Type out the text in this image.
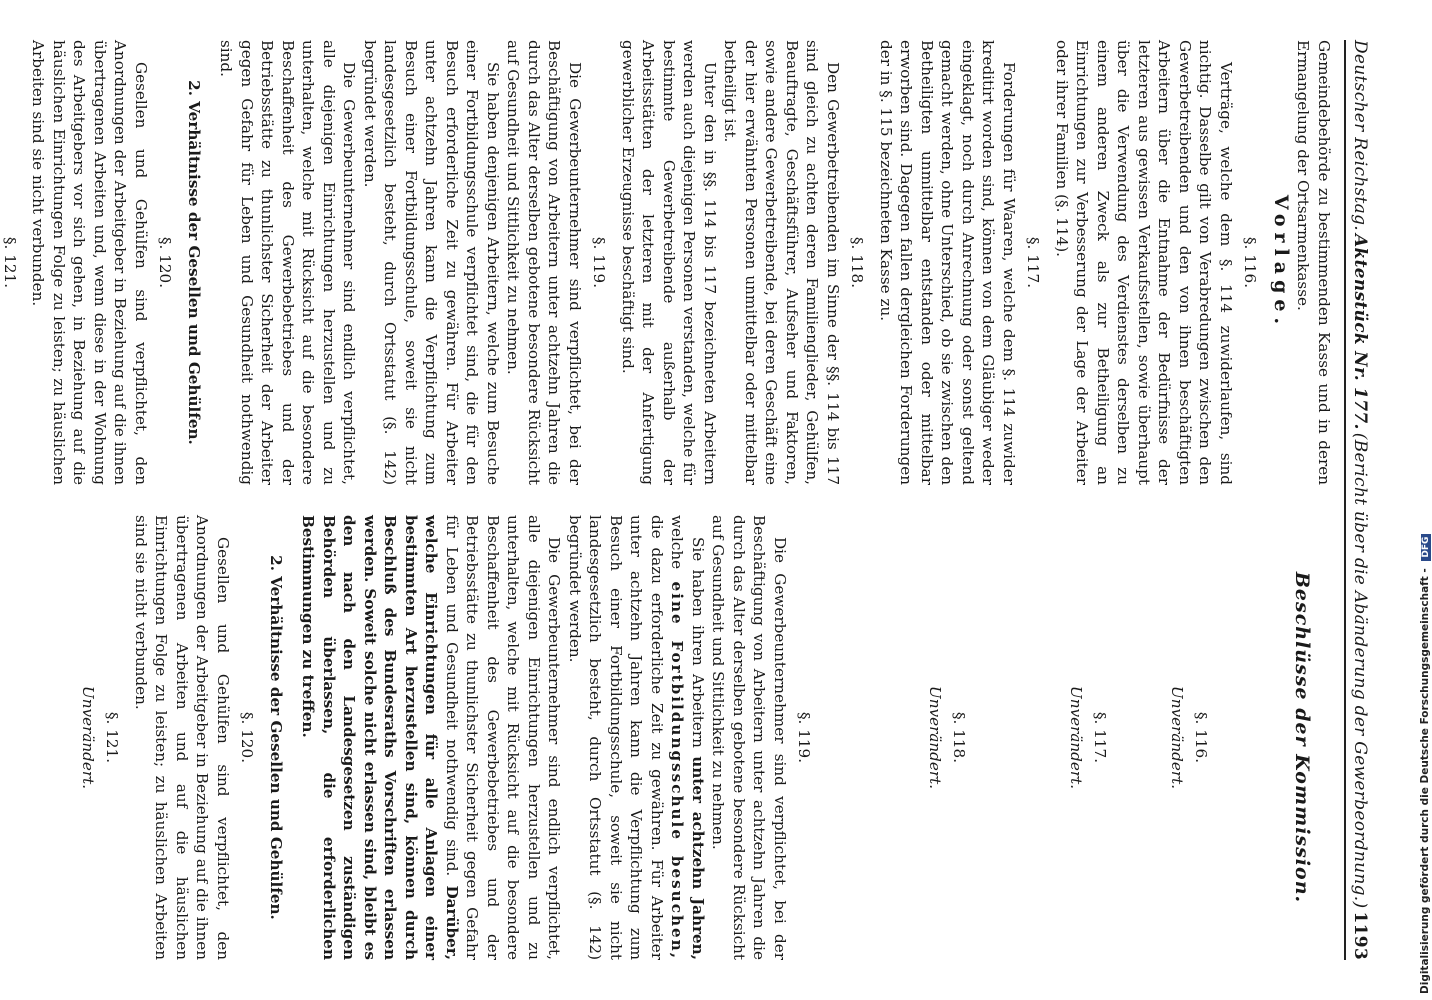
Deutscher Reichstag.
Aktenstück Nr. 177.
(Bericht über die Abänderung der Gewerbeordnung.)
1193

Gemeindebehörde zu bestimmenden Kasse und in deren Ermangelung der Ortsarmenkasse.

Vorlage.
§. 116.

Verträge, welche dem §. 114 zuwiderlaufen, sind nichtig. Dasselbe gilt von Verabredungen zwischen den Gewerbetreibenden und den von ihnen beschäftigten Arbeitern über die Entnahme der Bedürfnisse der letzteren aus gewissen Verkaufsstellen, sowie überhaupt über die Verwendung des Verdienstes derselben zu einem anderen Zweck als zur Betheiligung an Einrichtungen zur Verbesserung der Lage der Arbeiter oder ihrer Familien (§. 114).

§. 117.

Forderungen für Waaren, welche dem §. 114 zuwider kreditirt worden sind, können von dem Gläubiger weder eingeklagt, noch durch Anrechnung oder sonst geltend gemacht werden, ohne Unterschied, ob sie zwischen den Betheiligten unmittelbar entstanden oder mittelbar erworben sind. Dagegen fallen dergleichen Forderungen der in §. 115 bezeichneten Kasse zu.

§. 118.

Den Gewerbetreibenden im Sinne der §§. 114 bis 117 sind gleich zu achten deren Familienglieder, Gehülfen, Beauftragte, Geschäftsführer, Aufseher und Faktoren, sowie andere Gewerbetreibende, bei deren Geschäft eine der hier erwähnten Personen unmittelbar oder mittelbar betheiligt ist.

Unter den in §§. 114 bis 117 bezeichneten Arbeitern werden auch diejenigen Personen verstanden, welche für bestimmte Gewerbetreibende außerhalb der Arbeitsstätten der letzteren mit der Anfertigung gewerblicher Erzeugnisse beschäftigt sind.

§. 119.

Die Gewerbeunternehmer sind verpflichtet, bei der Beschäftigung von Arbeitern unter achtzehn Jahren die durch das Alter derselben gebotene besondere Rücksicht auf Gesundheit und Sittlichkeit zu nehmen.

Sie haben denjenigen Arbeitern, welche zum Besuche einer Fortbildungsschule verpflichtet sind, die für den Besuch erforderliche Zeit zu gewähren. Für Arbeiter unter achtzehn Jahren kann die Verpflichtung zum Besuch einer Fortbildungsschule, soweit sie nicht landesgesetzlich besteht, durch Ortsstatut (§. 142) begründet werden.

Die Gewerbeunternehmer sind endlich verpflichtet, alle diejenigen Einrichtungen herzustellen und zu unterhalten, welche mit Rücksicht auf die besondere Beschaffenheit des Gewerbebetriebes und der Betriebsstätte zu thunlichster Sicherheit der Arbeiter gegen Gefahr für Leben und Gesundheit nothwendig sind.

2. Verhältnisse der Gesellen und Gehülfen.
§. 120.

Gesellen und Gehülfen sind verpflichtet, den Anordnungen der Arbeitgeber in Beziehung auf die ihnen übertragenen Arbeiten und, wenn diese in der Wohnung des Arbeitgebers vor sich gehen, in Beziehung auf die häuslichen Einrichtungen Folge zu leisten; zu häuslichen Arbeiten sind sie nicht verbunden.

§. 121.

Beschlüsse der Kommission.
§. 116.
Unverändert.
§. 117.
Unverändert.
§. 118.
Unverändert.
§. 119.

Die Gewerbeunternehmer sind verpflichtet, bei der Beschäftigung von Arbeitern unter achtzehn Jahren die durch das Alter derselben gebotene besondere Rücksicht auf Gesundheit und Sittlichkeit zu nehmen.

Sie haben ihren Arbeitern unter achtzehn Jahren, welche eine Fortbildungsschule besuchen, die dazu erforderliche Zeit zu gewähren. Für Arbeiter unter achtzehn Jahren kann die Verpflichtung zum Besuch einer Fortbildungsschule, soweit sie nicht landesgesetzlich besteht, durch Ortsstatut (§. 142) begründet werden.

Die Gewerbeunternehmer sind endlich verpflichtet, alle diejenigen Einrichtungen herzustellen und zu unterhalten, welche mit Rücksicht auf die besondere Beschaffenheit des Gewerbebetriebes und der Betriebsstätte zu thunlichster Sicherheit gegen Gefahr für Leben und Gesundheit nothwendig sind. Darüber, welche Einrichtungen für alle Anlagen einer bestimmten Art herzustellen sind, können durch Beschluß des Bundesraths Vorschriften erlassen werden. Soweit solche nicht erlassen sind, bleibt es den nach den Landesgesetzen zuständigen Behörden überlassen, die erforderlichen Bestimmungen zu treffen.

2. Verhältnisse der Gesellen und Gehülfen.
§. 120.

Gesellen und Gehülfen sind verpflichtet, den Anordnungen der Arbeitgeber in Beziehung auf die ihnen übertragenen Arbeiten und auf die häuslichen Einrichtungen Folge zu leisten; zu häuslichen Arbeiten sind sie nicht verbunden.

§. 121.
Unverändert.	Digitalisierung gefördert durch die Deutsche Forschungsgemeinschaft - DFG
